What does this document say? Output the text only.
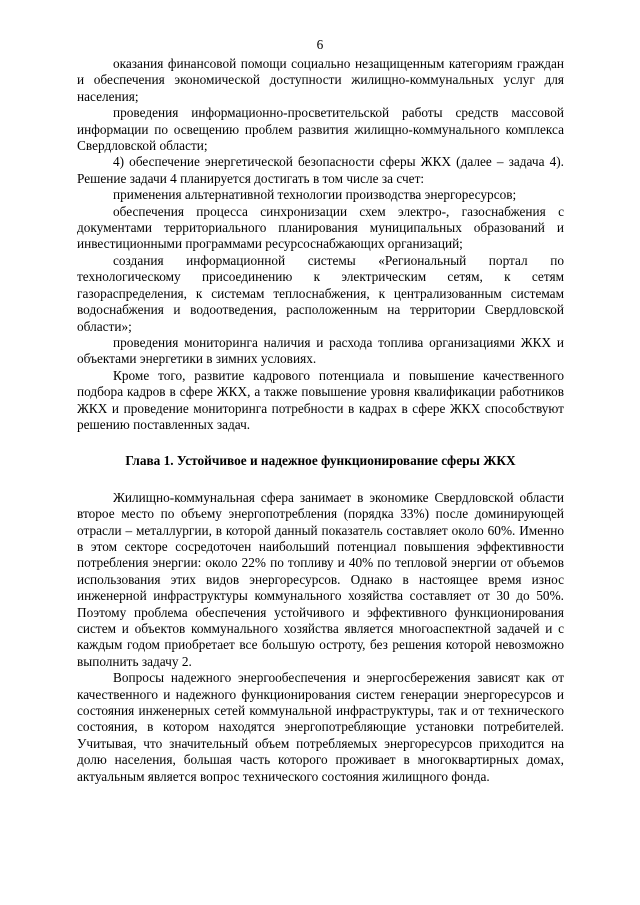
6

оказания финансовой помощи социально незащищенным категориям граждан и обеспечения экономической доступности жилищно-коммунальных услуг для населения;

проведения информационно-просветительской работы средств массовой информации по освещению проблем развития жилищно-коммунального комплекса Свердловской области;

4) обеспечение энергетической безопасности сферы ЖКХ (далее – задача 4). Решение задачи 4 планируется достигать в том числе за счет:

применения альтернативной технологии производства энергоресурсов;

обеспечения процесса синхронизации схем электро-, газоснабжения с документами территориального планирования муниципальных образований и инвестиционными программами ресурсоснабжающих организаций;

создания информационной системы «Региональный портал по технологическому присоединению к электрическим сетям, к сетям газораспределения, к системам теплоснабжения, к централизованным системам водоснабжения и водоотведения, расположенным на территории Свердловской области»;

проведения мониторинга наличия и расхода топлива организациями ЖКХ и объектами энергетики в зимних условиях.

Кроме того, развитие кадрового потенциала и повышение качественного подбора кадров в сфере ЖКХ, а также повышение уровня квалификации работников ЖКХ и проведение мониторинга потребности в кадрах в сфере ЖКХ способствуют решению поставленных задач.

Глава 1. Устойчивое и надежное функционирование сферы ЖКХ

Жилищно-коммунальная сфера занимает в экономике Свердловской области второе место по объему энергопотребления (порядка 33%) после доминирующей отрасли – металлургии, в которой данный показатель составляет около 60%. Именно в этом секторе сосредоточен наибольший потенциал повышения эффективности потребления энергии: около 22% по топливу и 40% по тепловой энергии от объемов использования этих видов энергоресурсов. Однако в настоящее время износ инженерной инфраструктуры коммунального хозяйства составляет от 30 до 50%. Поэтому проблема обеспечения устойчивого и эффективного функционирования систем и объектов коммунального хозяйства является многоаспектной задачей и с каждым годом приобретает все большую остроту, без решения которой невозможно выполнить задачу 2.

Вопросы надежного энергообеспечения и энергосбережения зависят как от качественного и надежного функционирования систем генерации энергоресурсов и состояния инженерных сетей коммунальной инфраструктуры, так и от технического состояния, в котором находятся энергопотребляющие установки потребителей. Учитывая, что значительный объем потребляемых энергоресурсов приходится на долю населения, большая часть которого проживает в многоквартирных домах, актуальным является вопрос технического состояния жилищного фонда.
